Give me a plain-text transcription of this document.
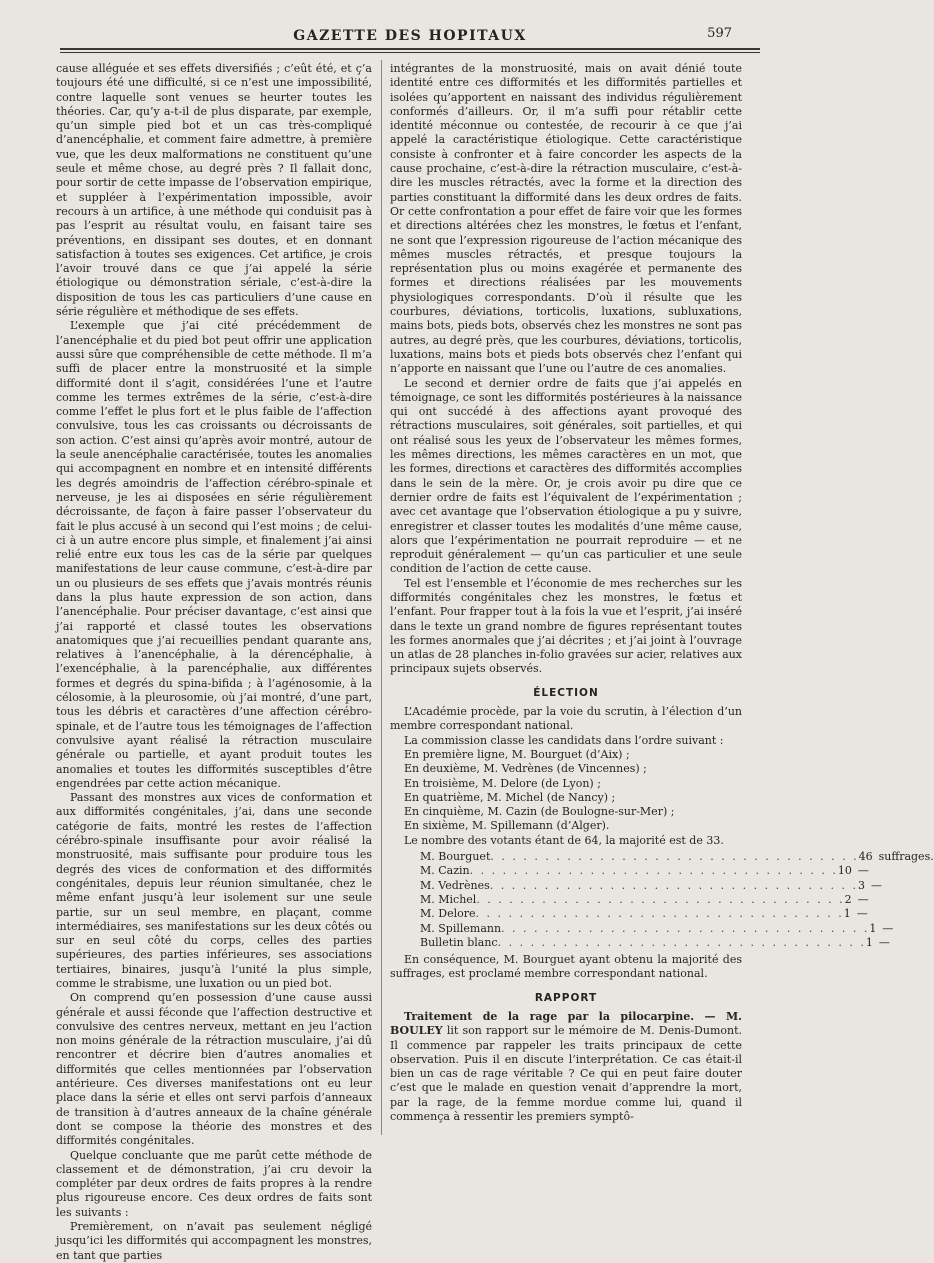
GAZETTE DES HOPITAUX	597

cause alléguée et ses effets diversifiés ; c’eût été, et ç’a toujours été une difficulté, si ce n’est une impossibilité, contre laquelle sont venues se heurter toutes les théories. Car, qu’y a-t-il de plus disparate, par exemple, qu’un simple pied bot et un cas très-compliqué d’anencéphalie, et comment faire admettre, à première vue, que les deux malformations ne constituent qu’une seule et même chose, au degré près ? Il fallait donc, pour sortir de cette impasse de l’observation empirique, et suppléer à l’expérimentation impossible, avoir recours à un artifice, à une méthode qui conduisit pas à pas l’esprit au résultat voulu, en faisant taire ses préventions, en dissipant ses doutes, et en donnant satisfaction à toutes ses exigences. Cet artifice, je crois l’avoir trouvé dans ce que j’ai appelé la série étiologique ou démonstration sériale, c’est-à-dire la disposition de tous les cas particuliers d’une cause en série régulière et méthodique de ses effets.

L’exemple que j’ai cité précédemment de l’anencéphalie et du pied bot peut offrir une application aussi sûre que compréhensible de cette méthode. Il m’a suffi de placer entre la monstruosité et la simple difformité dont il s’agit, considérées l’une et l’autre comme les termes extrêmes de la série, c’est-à-dire comme l’effet le plus fort et le plus faible de l’affection convulsive, tous les cas croissants ou décroissants de son action. C’est ainsi qu’après avoir montré, autour de la seule anencéphalie caractérisée, toutes les anomalies qui accompagnent en nombre et en intensité différents les degrés amoindris de l’affection cérébro-spinale et nerveuse, je les ai disposées en série régulièrement décroissante, de façon à faire passer l’observateur du fait le plus accusé à un second qui l’est moins ; de celui-ci à un autre encore plus simple, et finalement j’ai ainsi relié entre eux tous les cas de la série par quelques manifestations de leur cause commune, c’est-à-dire par un ou plusieurs de ses effets que j’avais montrés réunis dans la plus haute expression de son action, dans l’anencéphalie. Pour préciser davantage, c’est ainsi que j’ai rapporté et classé toutes les observations anatomiques que j’ai recueillies pendant quarante ans, relatives à l’anencéphalie, à la dérencéphalie, à l’exencéphalie, à la parencéphalie, aux différentes formes et degrés du spina-bifida ; à l’agénosomie, à la célosomie, à la pleurosomie, où j’ai montré, d’une part, tous les débris et caractères d’une affection cérébro-spinale, et de l’autre tous les témoignages de l’affection convulsive ayant réalisé la rétraction musculaire générale ou partielle, et ayant produit toutes les anomalies et toutes les difformités susceptibles d’être engendrées par cette action mécanique.

Passant des monstres aux vices de conformation et aux difformités congénitales, j’ai, dans une seconde catégorie de faits, montré les restes de l’affection cérébro-spinale insuffisante pour avoir réalisé la monstruosité, mais suffisante pour produire tous les degrés des vices de conformation et des difformités congénitales, depuis leur réunion simultanée, chez le même enfant jusqu’à leur isolement sur une seule partie, sur un seul membre, en plaçant, comme intermédiaires, ses manifestations sur les deux côtés ou sur en seul côté du corps, celles des parties supérieures, des parties inférieures, ses associations tertiaires, binaires, jusqu’à l’unité la plus simple, comme le strabisme, une luxation ou un pied bot.

On comprend qu’en possession d’une cause aussi générale et aussi féconde que l’affection destructive et convulsive des centres nerveux, mettant en jeu l’action non moins générale de la rétraction musculaire, j’ai dû rencontrer et décrire bien d’autres anomalies et difformités que celles mentionnées par l’observation antérieure. Ces diverses manifestations ont eu leur place dans la série et elles ont servi parfois d’anneaux de transition à d’autres anneaux de la chaîne générale dont se compose la théorie des monstres et des difformités congénitales.

Quelque concluante que me parût cette méthode de classement et de démonstration, j’ai cru devoir la compléter par deux ordres de faits propres à la rendre plus rigoureuse encore. Ces deux ordres de faits sont les suivants :

Premièrement, on n’avait pas seulement négligé jusqu’ici les difformités qui accompagnent les monstres, en tant que parties

intégrantes de la monstruosité, mais on avait dénié toute identité entre ces difformités et les difformités partielles et isolées qu’apportent en naissant des individus régulièrement conformés d’ailleurs. Or, il m’a suffi pour rétablir cette identité méconnue ou contestée, de recourir à ce que j’ai appelé la caractéristique étiologique. Cette caractéristique consiste à confronter et à faire concorder les aspects de la cause prochaine, c’est-à-dire la rétraction musculaire, c’est-à-dire les muscles rétractés, avec la forme et la direction des parties constituant la difformité dans les deux ordres de faits. Or cette confrontation a pour effet de faire voir que les formes et directions altérées chez les monstres, le fœtus et l’enfant, ne sont que l’expression rigoureuse de l’action mécanique des mêmes muscles rétractés, et presque toujours la représentation plus ou moins exagérée et permanente des formes et directions réalisées par les mouvements physiologiques correspondants. D’où il résulte que les courbures, déviations, torticolis, luxations, subluxations, mains bots, pieds bots, observés chez les monstres ne sont pas autres, au degré près, que les courbures, déviations, torticolis, luxations, mains bots et pieds bots observés chez l’enfant qui n’apporte en naissant que l’une ou l’autre de ces anomalies.

Le second et dernier ordre de faits que j’ai appelés en témoignage, ce sont les difformités postérieures à la naissance qui ont succédé à des affections ayant provoqué des rétractions musculaires, soit générales, soit partielles, et qui ont réalisé sous les yeux de l’observateur les mêmes formes, les mêmes directions, les mêmes caractères en un mot, que les formes, directions et caractères des difformités accomplies dans le sein de la mère. Or, je crois avoir pu dire que ce dernier ordre de faits est l’équivalent de l’expérimentation ; avec cet avantage que l’observation étiologique a pu y suivre, enregistrer et classer toutes les modalités d’une même cause, alors que l’expérimentation ne pourrait reproduire — et ne reproduit généralement — qu’un cas particulier et une seule condition de l’action de cette cause.

Tel est l’ensemble et l’économie de mes recherches sur les difformités congénitales chez les monstres, le fœtus et l’enfant. Pour frapper tout à la fois la vue et l’esprit, j’ai inséré dans le texte un grand nombre de figures représentant toutes les formes anormales que j’ai décrites ; et j’ai joint à l’ouvrage un atlas de 28 planches in-folio gravées sur acier, relatives aux principaux sujets observés.

ÉLECTION

L’Académie procède, par la voie du scrutin, à l’élection d’un membre correspondant national.

La commission classe les candidats dans l’ordre suivant :

En première ligne, M. Bourguet (d’Aix) ;

En deuxième, M. Vedrènes (de Vincennes) ;

En troisième, M. Delore (de Lyon) ;

En quatrième, M. Michel (de Nancy) ;

En cinquième, M. Cazin (de Boulogne-sur-Mer) ;

En sixième, M. Spillemann (d’Alger).

Le nombre des votants étant de 64, la majorité est de 33.

M. Bourguet . . .	46 suffrages.
M. Cazin . . .	10 —
M. Vedrènes . . .	3 —
M. Michel . . .	2 —
M. Delore . . .	1 —
M. Spillemann . . .	1 —
Bulletin blanc . . .	1 —

En conséquence, M. Bourguet ayant obtenu la majorité des suffrages, est proclamé membre correspondant national.

RAPPORT

Traitement de la rage par la pilocarpine. — M. BOULEY lit son rapport sur le mémoire de M. Denis-Dumont. Il commence par rappeler les traits principaux de cette observation. Puis il en discute l’interprétation. Ce cas était-il bien un cas de rage véritable ? Ce qui en peut faire douter c’est que le malade en question venait d’apprendre la mort, par la rage, de la femme mordue comme lui, quand il commença à ressentir les premiers symptô-
